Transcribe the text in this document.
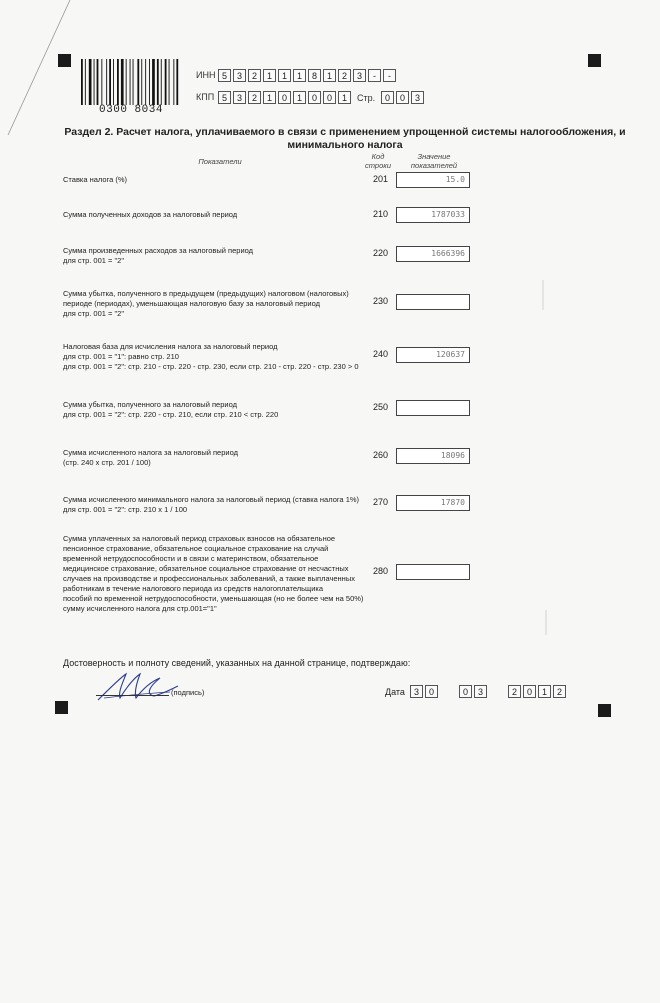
0300 8034
ИНН 5	3	2	1	1	1	8	1	2	3	-	-
КПП 5	3	2	1	0	1	0	0	1	Стр.	0	0	3
Раздел 2. Расчет налога, уплачиваемого в связи с применением упрощенной системы налогообложения, и минимального налога
Показатели
Код строки
Значение показателей
Ставка налога (%)	201	15.0
Сумма полученных доходов за налоговый период	210	1787033
Сумма произведенных расходов за налоговый период
для стр. 001 = "2"
220	1666396
Сумма убытка, полученного в предыдущем (предыдущих) налоговом (налоговых)
периоде (периодах), уменьшающая налоговую базу за налоговый период
для стр. 001 = "2"
230
Налоговая база для исчисления налога за налоговый период
для стр. 001 = "1": равно стр. 210
для стр. 001 = "2": стр. 210 - стр. 220 - стр. 230, если стр. 210 - стр. 220 - стр. 230 > 0
240	120637
Сумма убытка, полученного за налоговый период
для стр. 001 = "2": стр. 220 - стр. 210, если стр. 210 < стр. 220
250
Сумма исчисленного налога за налоговый период
(стр. 240 x стр. 201 / 100)
260	18096
Сумма исчисленного минимального налога за налоговый период (ставка налога 1%)
для стр. 001 = "2": стр. 210 x 1 / 100
270	17870
Сумма уплаченных за налоговый период страховых взносов на обязательное
пенсионное страхование, обязательное социальное страхование на случай
временной нетрудоспособности и в связи с материнством, обязательное
медицинское страхование, обязательное социальное страхование от несчастных
случаев на производстве и профессиональных заболеваний, а также выплаченных
работникам в течение налогового периода из средств налогоплательщика
пособий по временной нетрудоспособности, уменьшающая (но не более чем на 50%)
сумму исчисленного налога для стр.001="1"
280
Достоверность и полноту сведений, указанных на данной странице, подтверждаю:
(подпись)	Дата	3	0	0	3	2	0	1	2
